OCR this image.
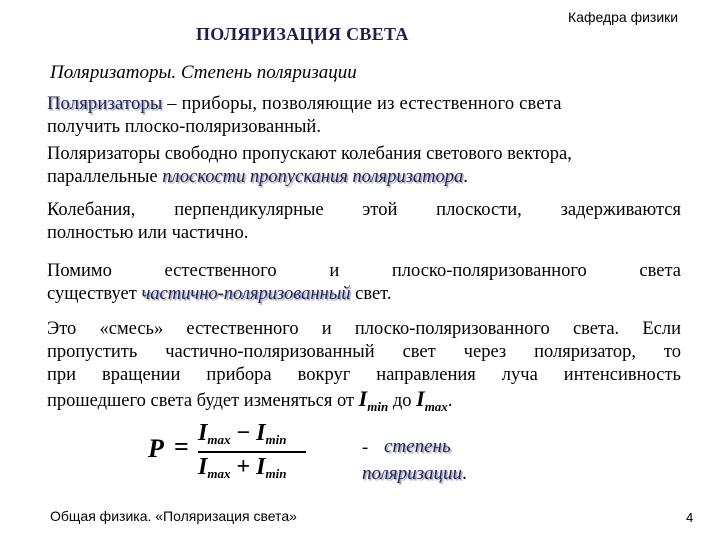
ПОЛЯРИЗАЦИЯ СВЕТА
Кафедра физики
Поляризаторы. Степень поляризации
Поляризаторы – приборы, позволяющие из естественного света
получить плоско-поляризованный.
Поляризаторы свободно пропускают колебания светового вектора,
параллельные плоскости пропускания поляризатора.
Колебания, перпендикулярные этой плоскости, задерживаются
полностью или частично.
Помимо естественного и плоско-поляризованного света
существует частично-поляризованный свет.
Это «смесь» естественного и плоско-поляризованного света. Если
пропустить частично-поляризованный свет через поляризатор, то
при вращении прибора вокруг направления луча интенсивность
прошедшего света будет изменяться от $I_{min}$ до $I_{max}$.
$P = I_{max} - I_{min}$
$I_{max} + I_{min}$
- степень
поляризации.
Общая физика. «Поляризация света»	4
